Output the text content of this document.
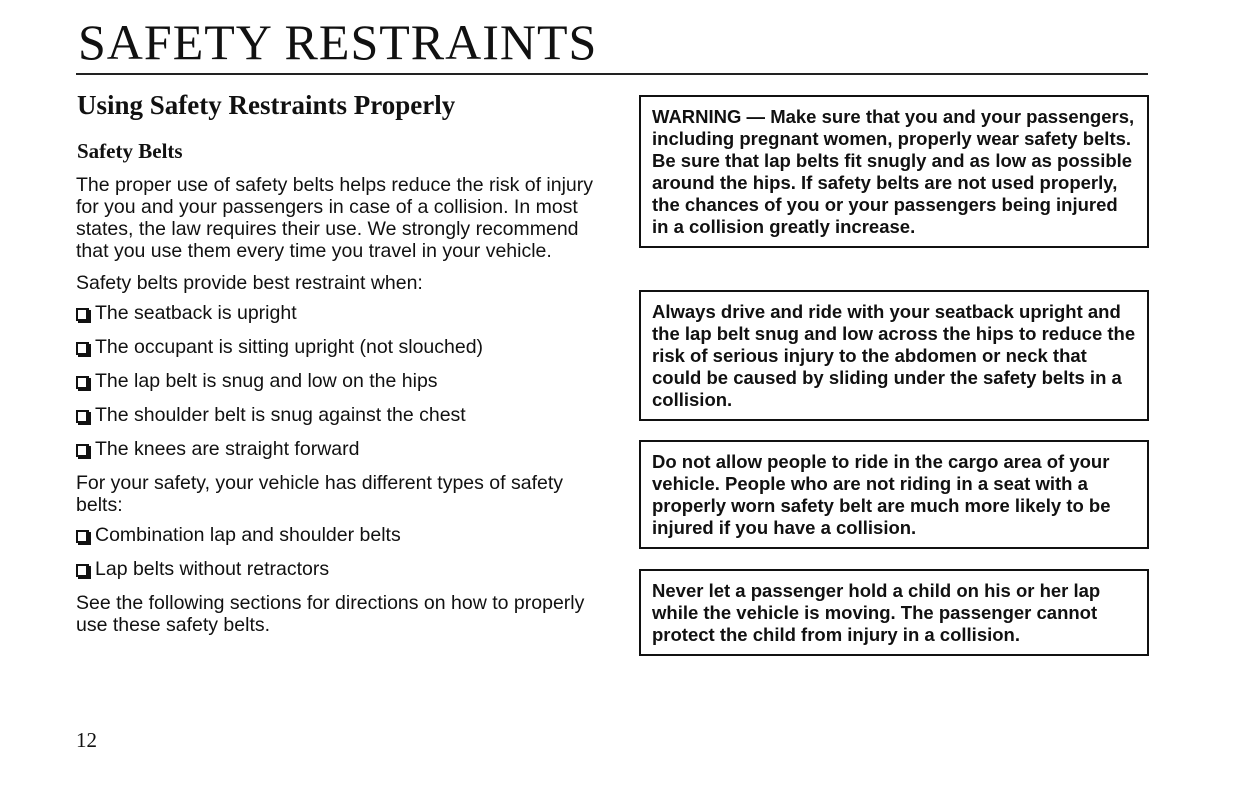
SAFETY RESTRAINTS
Using Safety Restraints Properly
Safety Belts

The proper use of safety belts helps reduce the risk of injury for you and your passengers in case of a collision. In most states, the law requires their use. We strongly recommend that you use them every time you travel in your vehicle.

Safety belts provide best restraint when:

The seatback is upright
The occupant is sitting upright (not slouched)
The lap belt is snug and low on the hips
The shoulder belt is snug against the chest
The knees are straight forward

For your safety, your vehicle has different types of safety belts:

Combination lap and shoulder belts
Lap belts without retractors

See the following sections for directions on how to properly use these safety belts.

WARNING — Make sure that you and your passengers, including pregnant women, properly wear safety belts. Be sure that lap belts fit snugly and as low as possible around the hips. If safety belts are not used properly, the chances of you or your passengers being injured in a collision greatly increase.
Always drive and ride with your seatback upright and the lap belt snug and low across the hips to reduce the risk of serious injury to the abdomen or neck that could be caused by sliding under the safety belts in a collision.
Do not allow people to ride in the cargo area of your vehicle. People who are not riding in a seat with a properly worn safety belt are much more likely to be injured if you have a collision.
Never let a passenger hold a child on his or her lap while the vehicle is moving. The passenger cannot protect the child from injury in a collision.
12
